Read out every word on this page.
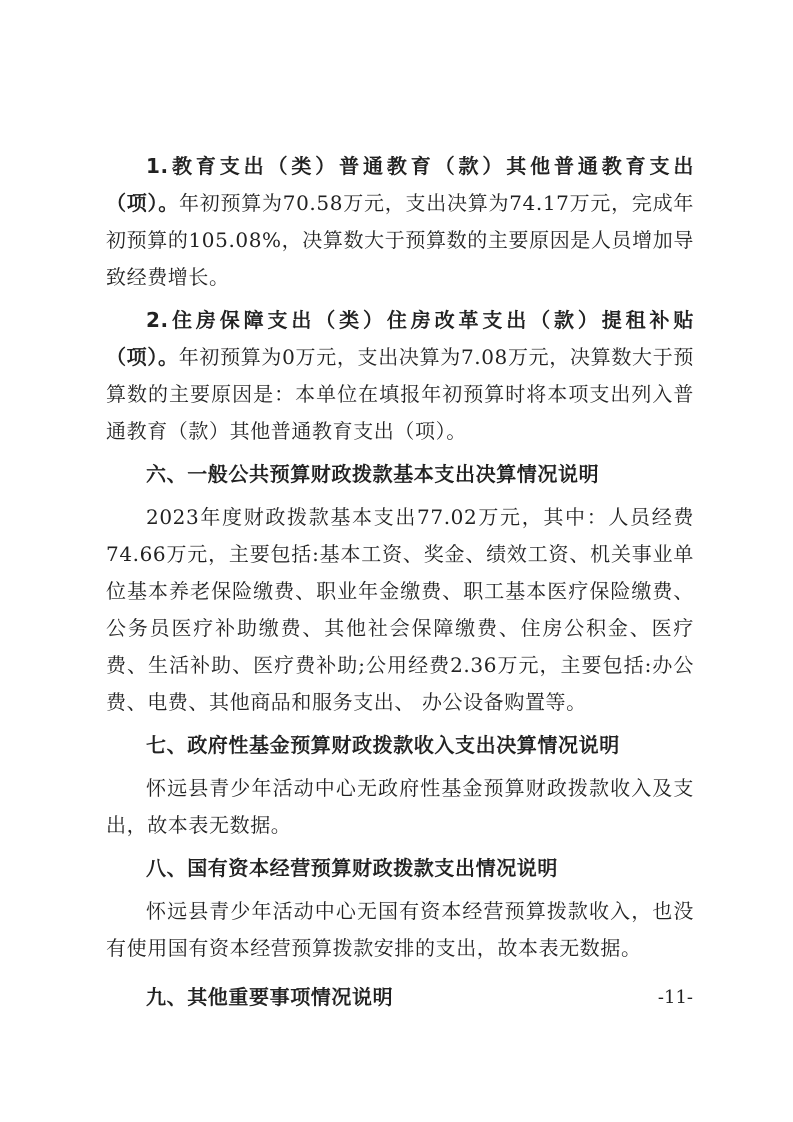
1.教育支出（类）普通教育（款）其他普通教育支出（项）。年初预算为70.58万元，支出决算为74.17万元，完成年初预算的105.08%，决算数大于预算数的主要原因是人员增加导致经费增长。

2.住房保障支出（类）住房改革支出（款）提租补贴（项）。年初预算为0万元，支出决算为7.08万元，决算数大于预算数的主要原因是：本单位在填报年初预算时将本项支出列入普通教育（款）其他普通教育支出（项）。

六、一般公共预算财政拨款基本支出决算情况说明

2023年度财政拨款基本支出77.02万元，其中：人员经费74.66万元，主要包括:基本工资、奖金、绩效工资、机关事业单位基本养老保险缴费、职业年金缴费、职工基本医疗保险缴费、公务员医疗补助缴费、其他社会保障缴费、住房公积金、医疗费、生活补助、医疗费补助;公用经费2.36万元，主要包括:办公费、电费、其他商品和服务支出、 办公设备购置等。

七、政府性基金预算财政拨款收入支出决算情况说明

怀远县青少年活动中心无政府性基金预算财政拨款收入及支出，故本表无数据。

八、国有资本经营预算财政拨款支出情况说明

怀远县青少年活动中心无国有资本经营预算拨款收入，也没有使用国有资本经营预算拨款安排的支出，故本表无数据。

九、其他重要事项情况说明	-11-
